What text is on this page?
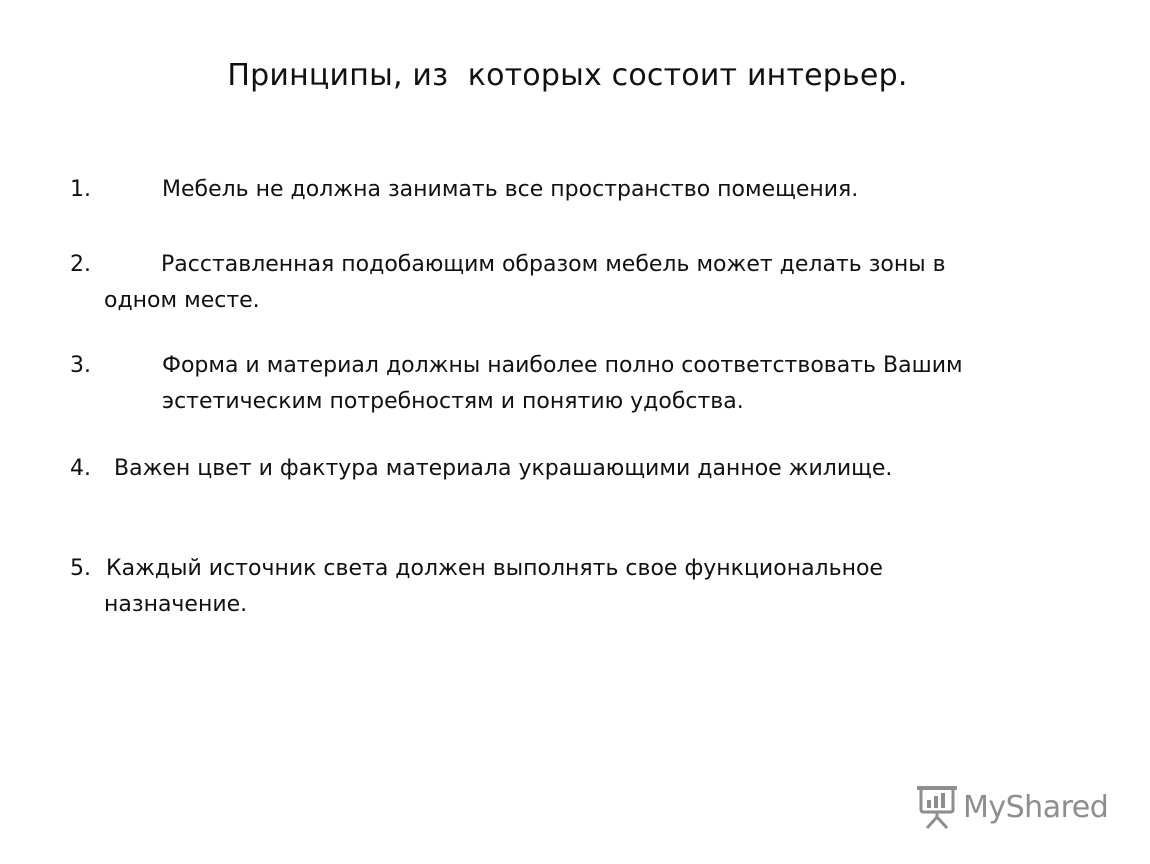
Принципы, из  которых состоит интерьер.
1.	Мебель не должна занимать все пространство помещения.
2.	Расставленная подобающим образом мебель может делать зоны в
одном месте.
3.	Форма и материал должны наиболее полно соответствовать Вашим
эстетическим потребностям и понятию удобства.
4.	Важен цвет и фактура материала украшающими данное жилище.
5. Каждый источник света должен выполнять свое функциональное
назначение.
MyShared
